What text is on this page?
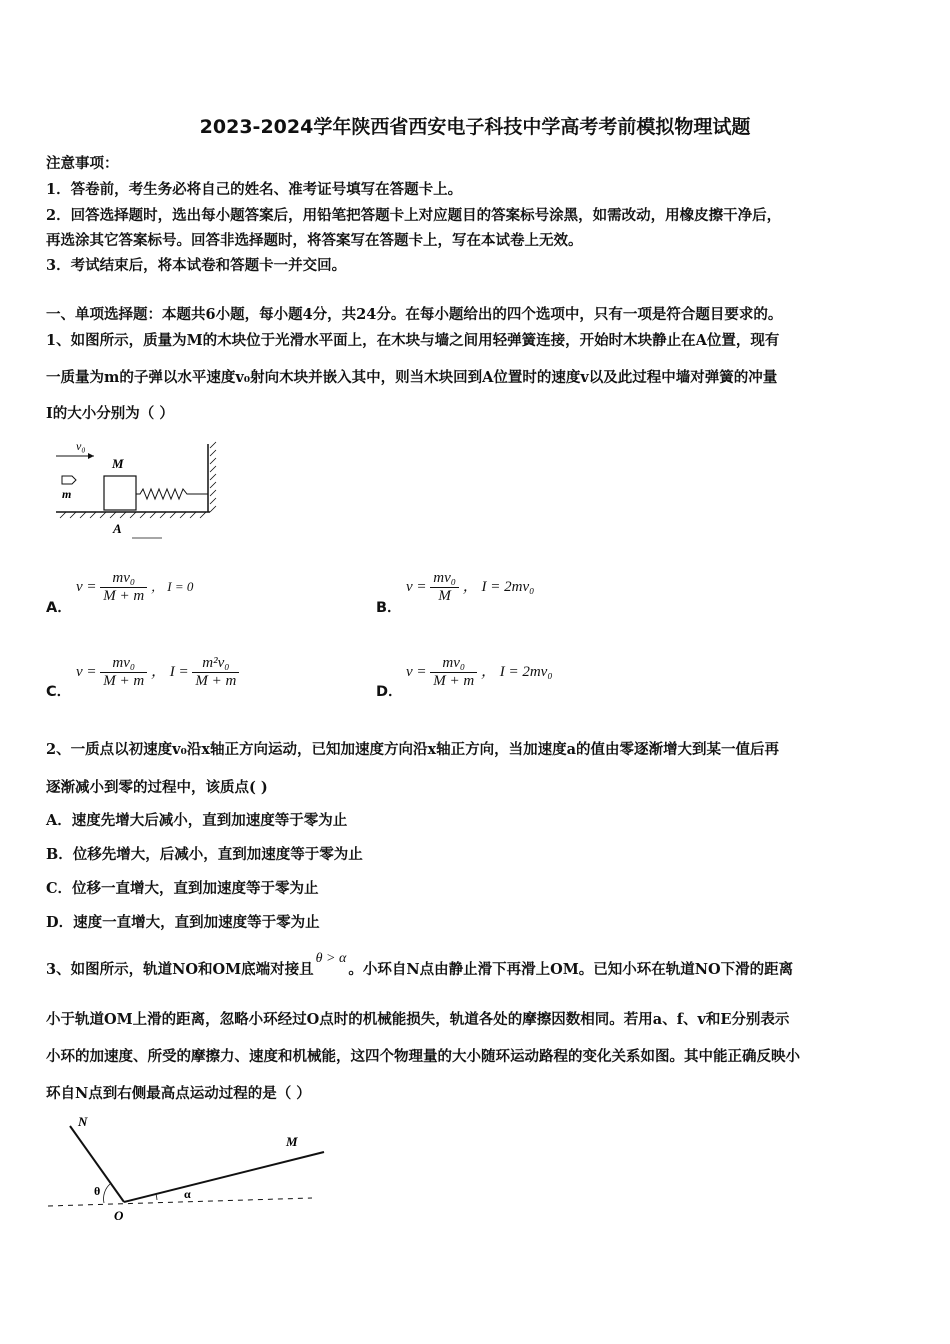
2023-2024学年陕西省西安电子科技中学高考考前模拟物理试题
注意事项：
1．答卷前，考生务必将自己的姓名、准考证号填写在答题卡上。
2．回答选择题时，选出每小题答案后，用铅笔把答题卡上对应题目的答案标号涂黑，如需改动，用橡皮擦干净后，
再选涂其它答案标号。回答非选择题时，将答案写在答题卡上，写在本试卷上无效。
3．考试结束后，将本试卷和答题卡一并交回。
一、单项选择题：本题共6小题，每小题4分，共24分。在每小题给出的四个选项中，只有一项是符合题目要求的。
1、如图所示，质量为M的木块位于光滑水平面上，在木块与墙之间用轻弹簧连接，开始时木块静止在A位置，现有
一质量为m的子弹以水平速度v₀射向木块并嵌入其中，则当木块回到A位置时的速度v以及此过程中墙对弹簧的冲量
I的大小分别为（ ）
v₀
m
M
A
A．
$v = \frac{\text{mv₀}}{M + m}$ ， I = 0
B．
$v = \frac{\text{mv₀}}{M}$ ， I = 2mv₀
C．
$v = \frac{\text{mv₀}}{M + m}$ ， $I = \frac{\text{m²v₀}}{M + m}$
D．
$v = \frac{\text{mv₀}}{M + m}$ ， I = 2mv₀
2、一质点以初速度v₀沿x轴正方向运动，已知加速度方向沿x轴正方向，当加速度a的值由零逐渐增大到某一值后再
逐渐减小到零的过程中，该质点( )
A．速度先增大后减小，直到加速度等于零为止
B．位移先增大，后减小，直到加速度等于零为止
C．位移一直增大，直到加速度等于零为止
D．速度一直增大，直到加速度等于零为止
3、如图所示，轨道NO和OM底端对接且θ > α。小环自N点由静止滑下再滑上OM。已知小环在轨道NO下滑的距离
小于轨道OM上滑的距离，忽略小环经过O点时的机械能损失，轨道各处的摩擦因数相同。若用a、f、v和E分别表示
小环的加速度、所受的摩擦力、速度和机械能，这四个物理量的大小随环运动路程的变化关系如图。其中能正确反映小
环自N点到右侧最高点运动过程的是（ ）
N
M
O
θ	α
